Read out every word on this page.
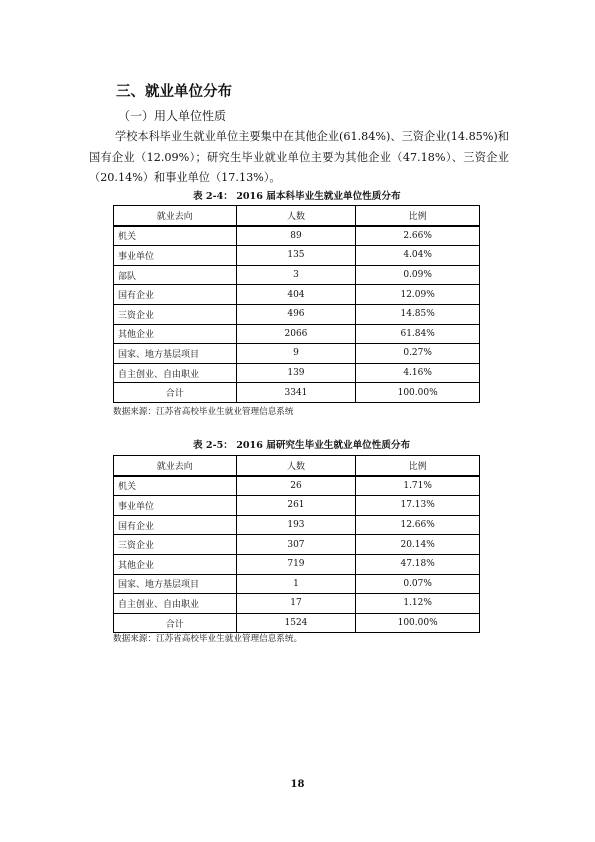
三、就业单位分布
（一）用人单位性质

学校本科毕业生就业单位主要集中在其他企业(61.84%)、三资企业(14.85%)和国有企业（12.09%）；研究生毕业就业单位主要为其他企业（47.18%）、三资企业（20.14%）和事业单位（17.13%）。

表 2-4： 2016 届本科毕业生就业单位性质分布
就业去向	人数	比例
机关	89	2.66%
事业单位	135	4.04%
部队	3	0.09%
国有企业	404	12.09%
三资企业	496	14.85%
其他企业	2066	61.84%
国家、地方基层项目	9	0.27%
自主创业、自由职业	139	4.16%
合计	3341	100.00%
数据来源：江苏省高校毕业生就业管理信息系统
表 2-5： 2016 届研究生毕业生就业单位性质分布
就业去向	人数	比例
机关	26	1.71%
事业单位	261	17.13%
国有企业	193	12.66%
三资企业	307	20.14%
其他企业	719	47.18%
国家、地方基层项目	1	0.07%
自主创业、自由职业	17	1.12%
合计	1524	100.00%
数据来源：江苏省高校毕业生就业管理信息系统。
18
